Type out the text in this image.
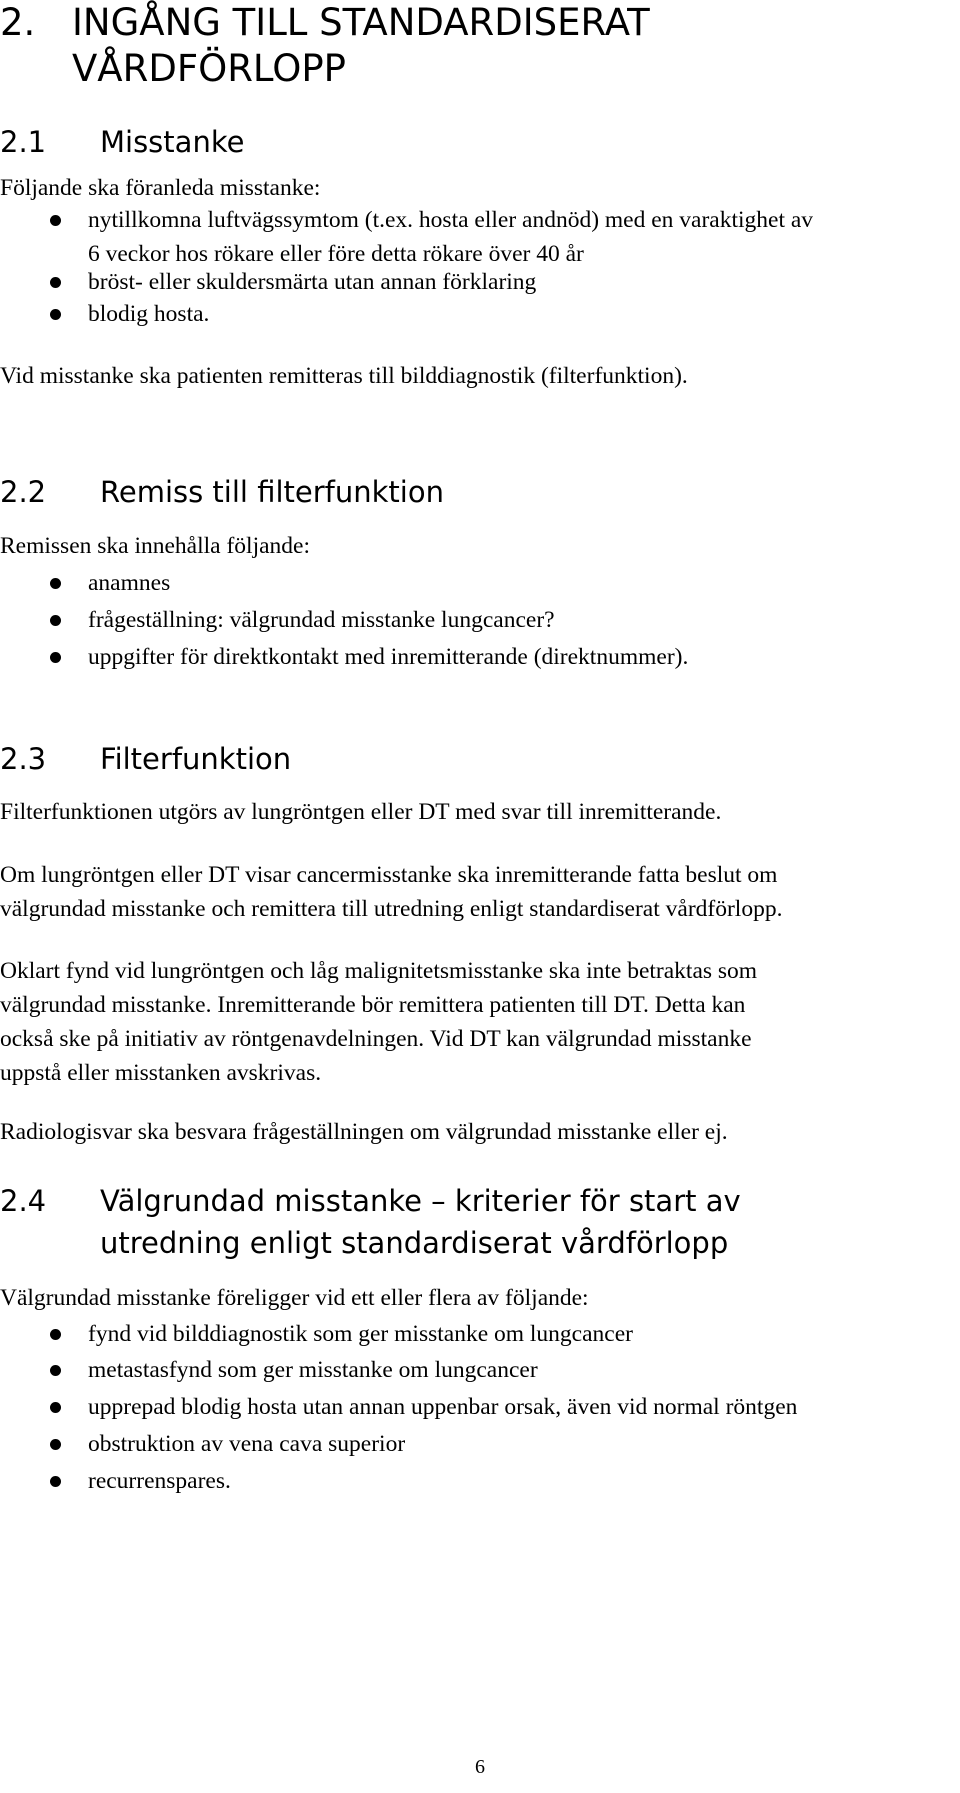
2. INGÅNG TILL STANDARDISERAT
VÅRDFÖRLOPP
2.1 Misstanke

Följande ska föranleda misstanke:

nytillkomna luftvägssymtom (t.ex. hosta eller andnöd) med en varaktighet av
6 veckor hos rökare eller före detta rökare över 40 år
bröst- eller skuldersmärta utan annan förklaring
blodig hosta.

Vid misstanke ska patienten remitteras till bilddiagnostik (filterfunktion).

2.2 Remiss till filterfunktion

Remissen ska innehålla följande:

anamnes
frågeställning: välgrundad misstanke lungcancer?
uppgifter för direktkontakt med inremitterande (direktnummer).
2.3 Filterfunktion

Filterfunktionen utgörs av lungröntgen eller DT med svar till inremitterande.

Om lungröntgen eller DT visar cancermisstanke ska inremitterande fatta beslut om

välgrundad misstanke och remittera till utredning enligt standardiserat vårdförlopp.

Oklart fynd vid lungröntgen och låg malignitetsmisstanke ska inte betraktas som

välgrundad misstanke. Inremitterande bör remittera patienten till DT. Detta kan

också ske på initiativ av röntgenavdelningen. Vid DT kan välgrundad misstanke

uppstå eller misstanken avskrivas.

Radiologisvar ska besvara frågeställningen om välgrundad misstanke eller ej.

2.4 Välgrundad misstanke – kriterier för start av
utredning enligt standardiserat vårdförlopp

Välgrundad misstanke föreligger vid ett eller flera av följande:

fynd vid bilddiagnostik som ger misstanke om lungcancer
metastasfynd som ger misstanke om lungcancer
upprepad blodig hosta utan annan uppenbar orsak, även vid normal röntgen
obstruktion av vena cava superior
recurrenspares.
6
